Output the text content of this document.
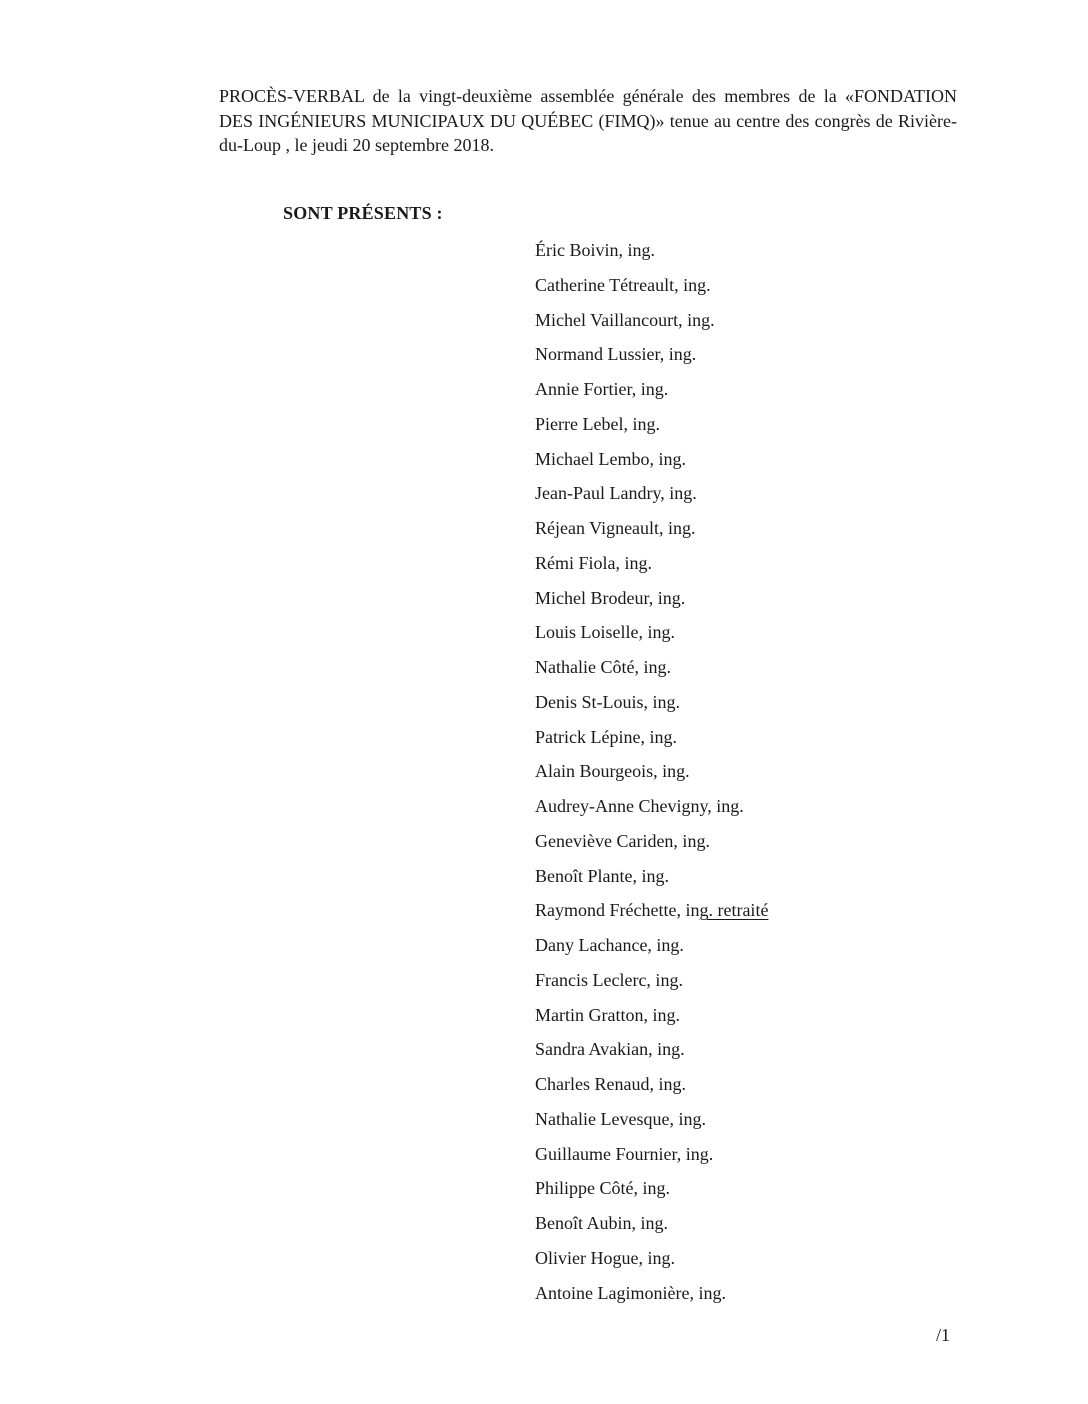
PROCÈS-VERBAL de la vingt-deuxième assemblée générale des membres de la «FONDATION DES INGÉNIEURS MUNICIPAUX DU QUÉBEC (FIMQ)» tenue au centre des congrès de Rivière-du-Loup , le jeudi 20 septembre 2018.

SONT PRÉSENTS :

Éric Boivin, ing.
Catherine Tétreault, ing.
Michel Vaillancourt, ing.
Normand Lussier, ing.
Annie Fortier, ing.
Pierre Lebel, ing.
Michael Lembo, ing.
Jean-Paul Landry, ing.
Réjean Vigneault, ing.
Rémi Fiola, ing.
Michel Brodeur, ing.
Louis Loiselle, ing.
Nathalie Côté, ing.
Denis St-Louis, ing.
Patrick Lépine, ing.
Alain Bourgeois, ing.
Audrey-Anne Chevigny, ing.
Geneviève Cariden, ing.
Benoît Plante, ing.
Raymond Fréchette, ing. retraité
Dany Lachance, ing.
Francis Leclerc, ing.
Martin Gratton, ing.
Sandra Avakian, ing.
Charles Renaud, ing.
Nathalie Levesque, ing.
Guillaume Fournier, ing.
Philippe Côté, ing.
Benoît Aubin, ing.
Olivier Hogue, ing.
Antoine Lagimonière, ing.

/1
